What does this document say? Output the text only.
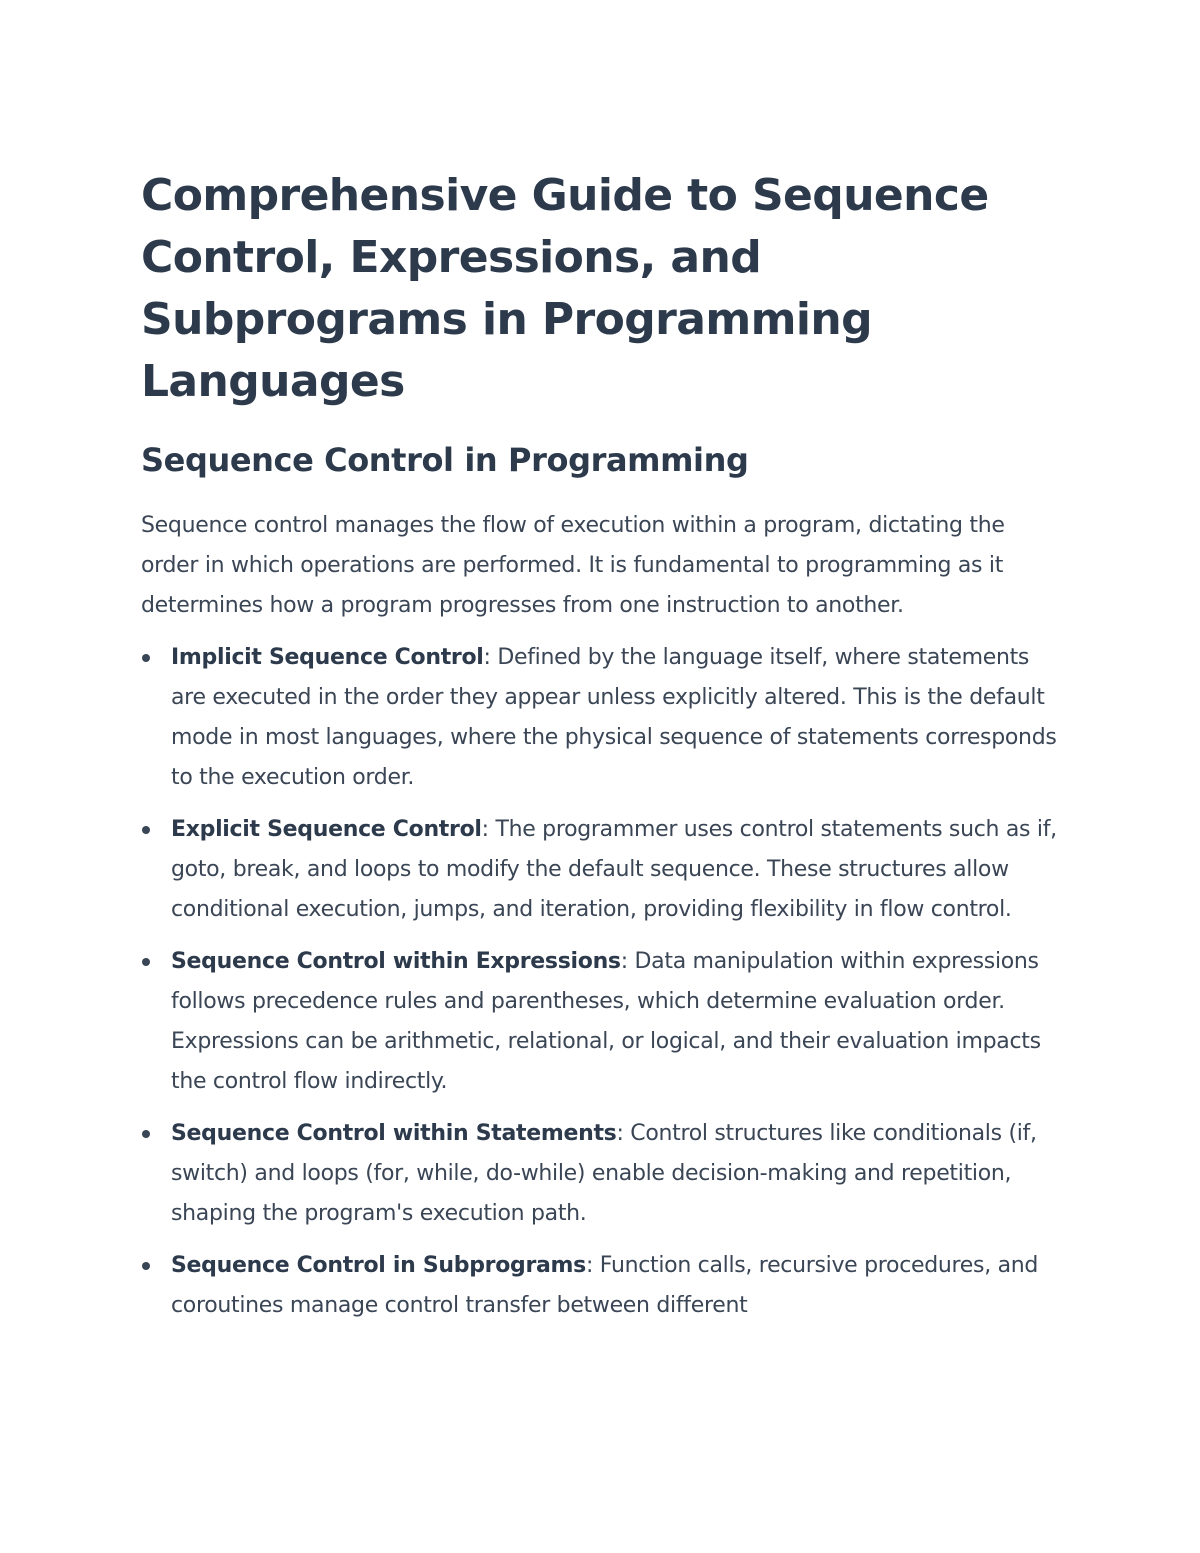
Comprehensive Guide to Sequence Control, Expressions, and Subprograms in Programming Languages
Sequence Control in Programming

Sequence control manages the flow of execution within a program, dictating the order in which operations are performed. It is fundamental to programming as it determines how a program progresses from one instruction to another.

Implicit Sequence Control: Defined by the language itself, where statements are executed in the order they appear unless explicitly altered. This is the default mode in most languages, where the physical sequence of statements corresponds to the execution order.
Explicit Sequence Control: The programmer uses control statements such as if, goto, break, and loops to modify the default sequence. These structures allow conditional execution, jumps, and iteration, providing flexibility in flow control.
Sequence Control within Expressions: Data manipulation within expressions follows precedence rules and parentheses, which determine evaluation order. Expressions can be arithmetic, relational, or logical, and their evaluation impacts the control flow indirectly.
Sequence Control within Statements: Control structures like conditionals (if, switch) and loops (for, while, do-while) enable decision-making and repetition, shaping the program's execution path.
Sequence Control in Subprograms: Function calls, recursive procedures, and coroutines manage control transfer between different
